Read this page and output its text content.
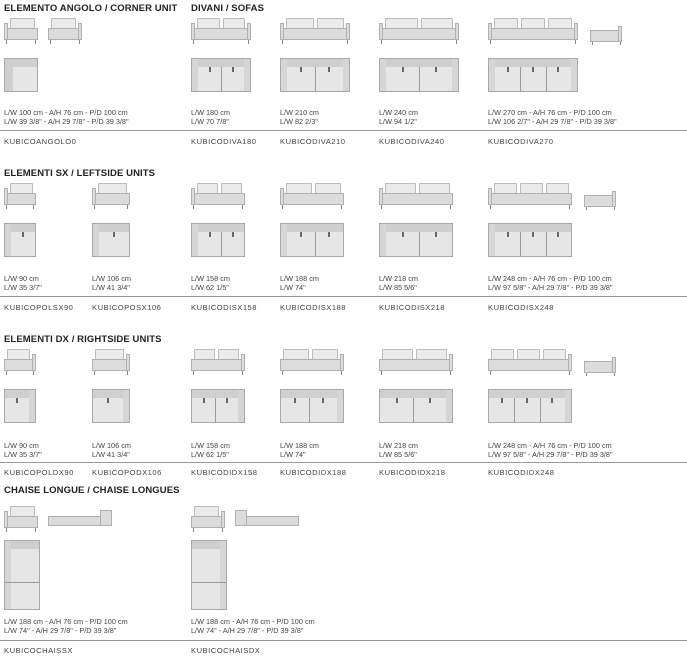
ELEMENTO ANGOLO / CORNER UNIT DIVANI / SOFAS
ELEMENTI SX / LEFTSIDE UNITS
ELEMENTI DX / RIGHTSIDE UNITS
CHAISE LONGUE / CHAISE LONGUES
L/W 100 cm - A/H 76 cm - P/D 100 cm
L/W 39 3/8" - A/H 29 7/8" - P/D 39 3/8"
KUBICOANGOLO0
L/W 180 cm
L/W 70 7/8"
KUBICODIVA180
L/W 210 cm
L/W 82 2/3"
KUBICODIVA210
L/W 240 cm
L/W 94 1/2"
KUBICODIVA240
L/W 270 cm - A/H 76 cm - P/D 100 cm
L/W 106 2/7" - A/H 29 7/8" - P/D 39 3/8"
KUBICODIVA270
L/W 90 cm
L/W 35 3/7"
KUBICOPOLSX90
L/W 106 cm
L/W 41 3/4"
KUBICOPOSX106
L/W 158 cm
L/W 62 1/5"
KUBICODISX158
L/W 188 cm
L/W 74"
KUBICODISX188
L/W 218 cm
L/W 85 5/6"
KUBICODISX218
L/W 248 cm - A/H 76 cm - P/D 100 cm
L/W 97 5/8" - A/H 29 7/8" - P/D 39 3/8"
KUBICODISX248
L/W 90 cm
L/W 35 3/7"
KUBICOPOLDX90
L/W 106 cm
L/W 41 3/4"
KUBICOPODX106
L/W 158 cm
L/W 62 1/5"
KUBICODIDX158
L/W 188 cm
L/W 74"
KUBICODIDX188
L/W 218 cm
L/W 85 5/6"
KUBICODIDX218
L/W 248 cm - A/H 76 cm - P/D 100 cm
L/W 97 5/8" - A/H 29 7/8" - P/D 39 3/8"
KUBICODIDX248
L/W 188 cm - A/H 76 cm - P/D 100 cm
L/W 74" - A/H 29 7/8" - P/D 39 3/8"
KUBICOCHAISSX
L/W 188 cm - A/H 76 cm - P/D 100 cm
L/W 74" - A/H 29 7/8" - P/D 39 3/8"
KUBICOCHAISDX
